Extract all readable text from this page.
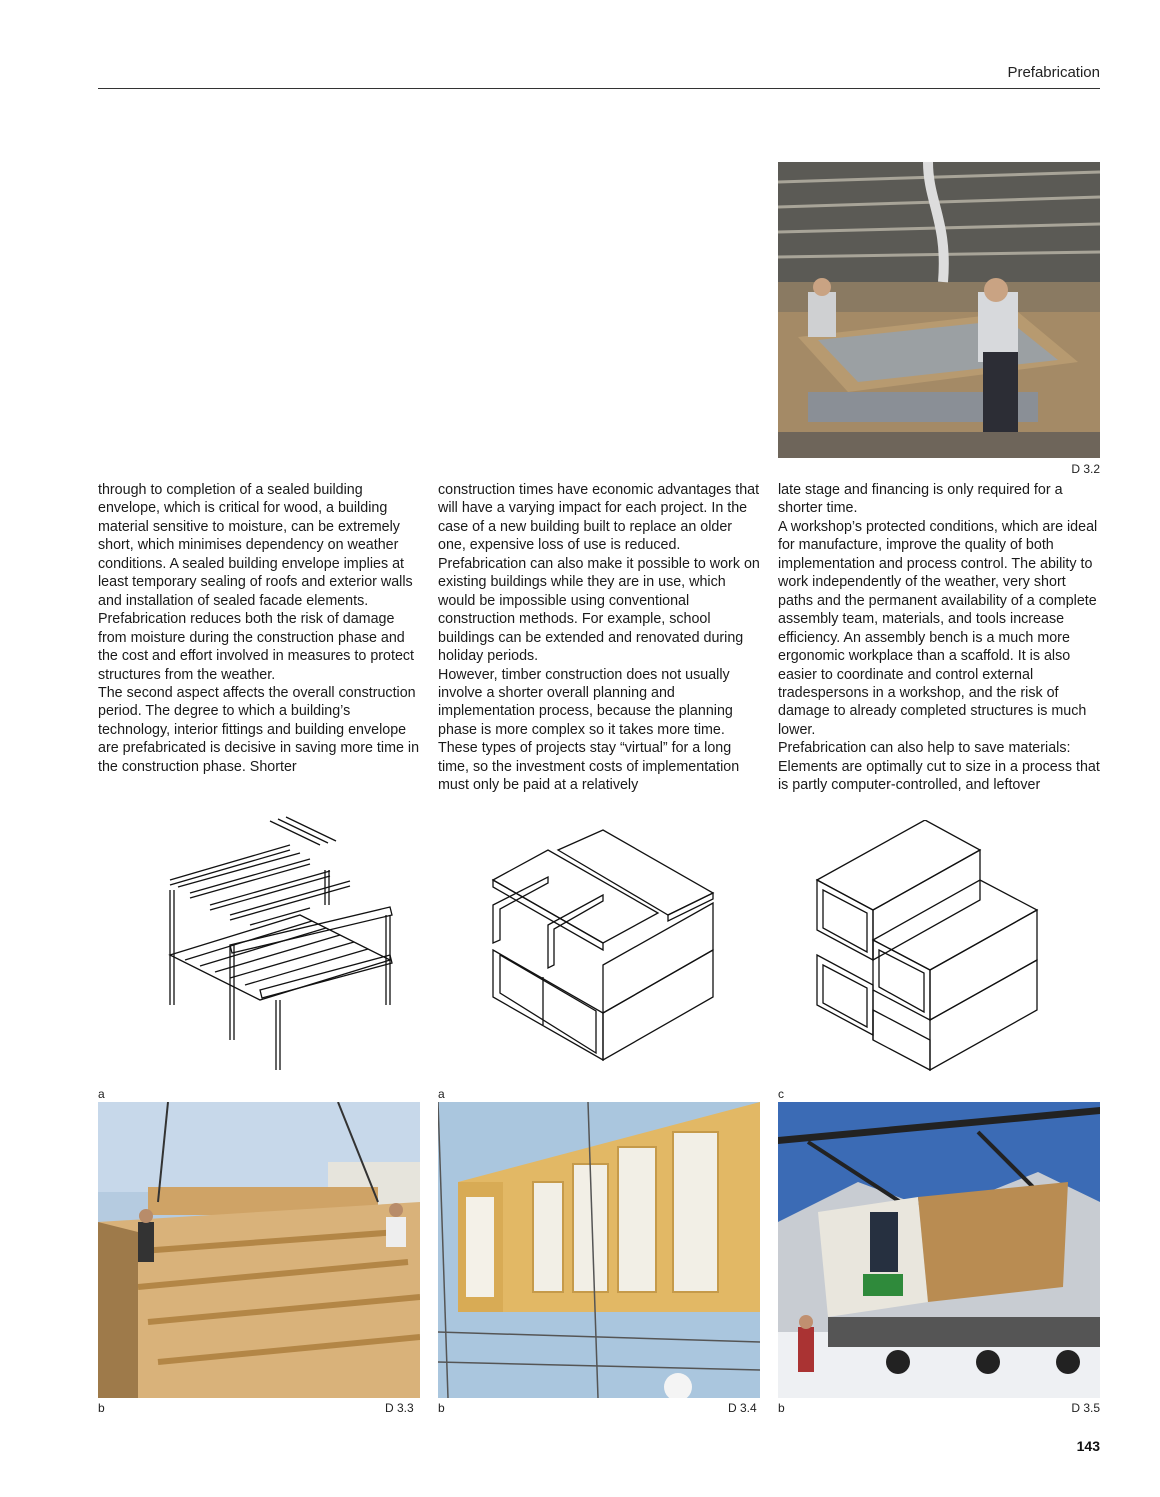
Prefabrication
D 3.2

through to completion of a sealed building envelope, which is critical for wood, a building material sensitive to moisture, can be extremely short, which minimises dependency on weather conditions. A sealed building envelope implies at least temporary sealing of roofs and exterior walls and installation of sealed facade elements. Prefabrication reduces both the risk of damage from moisture during the construction phase and the cost and effort involved in measures to protect structures from the weather.

The second aspect affects the overall construction period. The degree to which a building’s technology, interior fittings and building envelope are prefabricated is decisive in saving more time in the construction phase. Shorter

construction times have economic advantages that will have a varying impact for each project. In the case of a new building built to replace an older one, expensive loss of use is reduced. Prefabrication can also make it possible to work on existing buildings while they are in use, which would be impossible using conventional construction methods. For example, school buildings can be extended and renovated during holiday periods.

However, timber construction does not usually involve a shorter overall planning and implementation process, because the planning phase is more complex so it takes more time. These types of projects stay “virtual” for a long time, so the investment costs of implementation must only be paid at a relatively

late stage and financing is only required for a shorter time.

A workshop’s protected conditions, which are ideal for manufacture, improve the quality of both implementation and process control. The ability to work independently of the weather, very short paths and the permanent availability of a complete assembly team, materials, and tools increase efficiency. An assembly bench is a much more ergonomic workplace than a scaffold. It is also easier to coordinate and control external tradespersons in a workshop, and the risk of damage to already completed structures is much lower.

Prefabrication can also help to save materials: Elements are optimally cut to size in a process that is partly computer-controlled, and leftover

a	a	c
b	D 3.3 b	D 3.4 b	D 3.5
143
